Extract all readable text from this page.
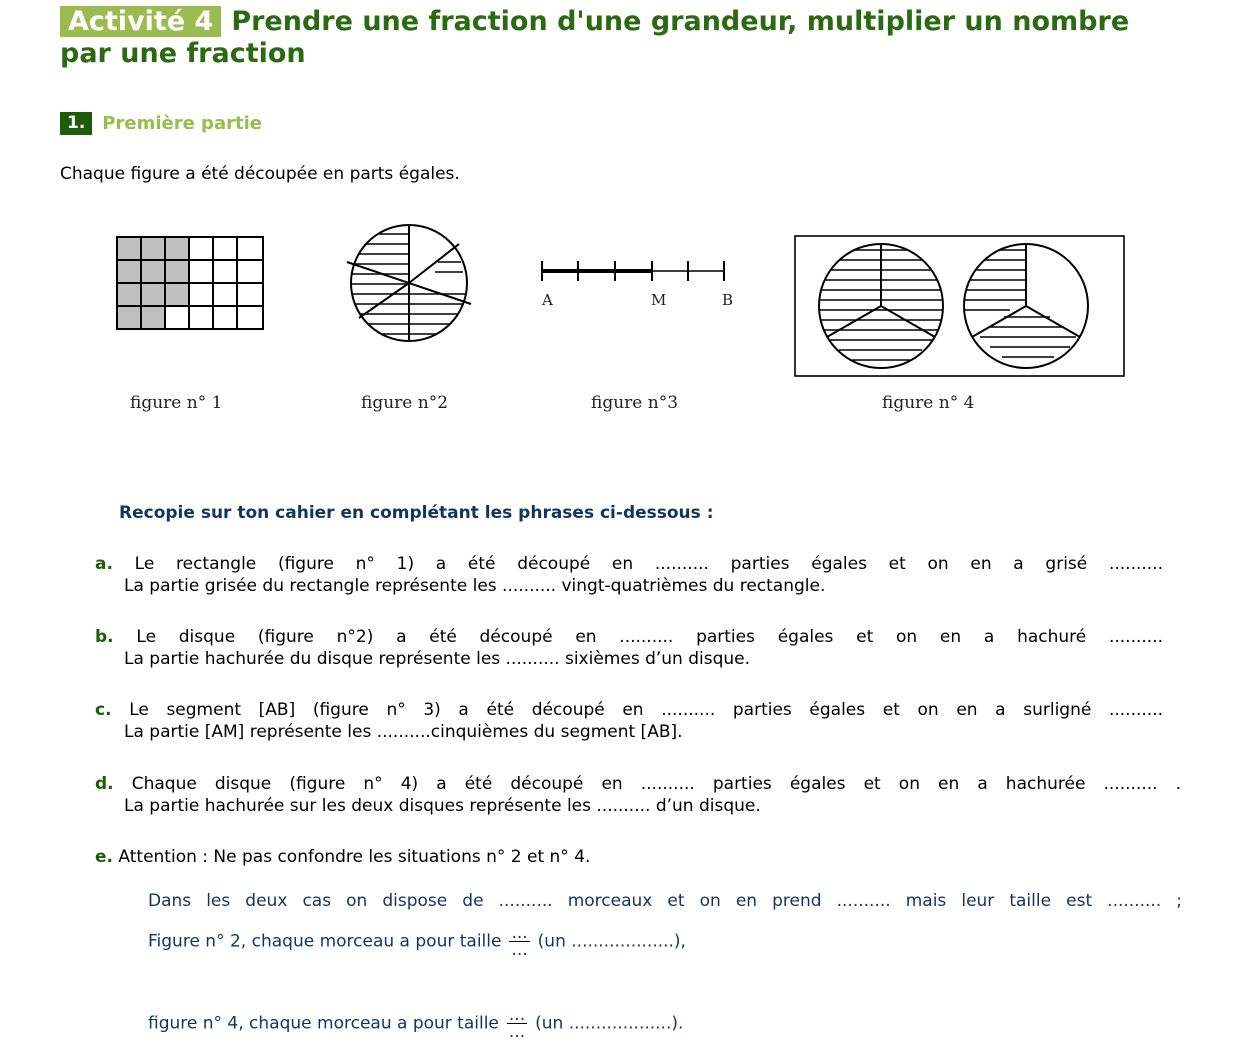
Activité 4 Prendre une fraction d'une grandeur, multiplier un nombre par une fraction
1. Première partie
Chaque figure a été découpée en parts égales.
A	M	B
figure n° 1	figure n°2	figure n°3	figure n° 4
Recopie sur ton cahier en complétant les phrases ci-dessous :
a. Le rectangle (figure n° 1) a été découpé en .......... parties égales et on en a grisé ..........
La partie grisée du rectangle représente les .......... vingt-quatrièmes du rectangle.
b. Le disque (figure n°2) a été découpé en .......... parties égales et on en a hachuré ..........
La partie hachurée du disque représente les .......... sixièmes d’un disque.
c. Le segment [AB] (figure n° 3) a été découpé en .......... parties égales et on en a surligné ..........
La partie [AM] représente les ..........cinquièmes du segment [AB].
d. Chaque disque (figure n° 4) a été découpé en .......... parties égales et on en a hachurée .......... .
La partie hachurée sur les deux disques représente les .......... d’un disque.
e. Attention : Ne pas confondre les situations n° 2 et n° 4.
Dans les deux cas on dispose de .......... morceaux et on en prend .......... mais leur taille est .......... ;
Figure n° 2, chaque morceau a pour taille $\frac{...}{...} (un$ ...................),
figure n° 4, chaque morceau a pour taille $\frac{...}{...} (un$ ...................).
